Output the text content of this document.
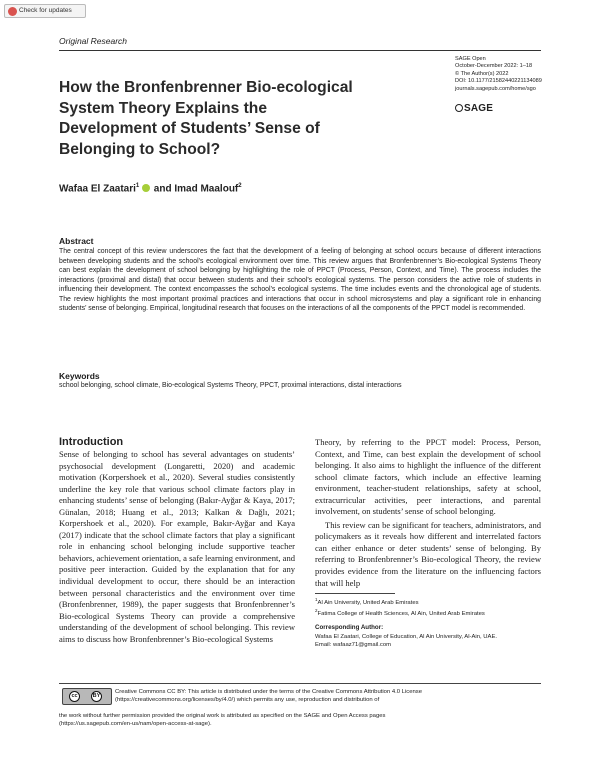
Check for updates
Original Research
SAGE Open
October-December 2022: 1–18
© The Author(s) 2022
DOI: 10.1177/21582440221134089
journals.sagepub.com/home/sgo
SAGE
How the Bronfenbrenner Bio-ecological System Theory Explains the Development of Students’ Sense of Belonging to School?
Wafaa El Zaatari$^1$  and Imad Maalouf$^2$
Abstract
The central concept of this review underscores the fact that the development of a feeling of belonging at school occurs because of different interactions between developing students and the school’s ecological environment over time. This review argues that Bronfenbrenner’s Bio-ecological Systems Theory can best explain the development of school belonging by highlighting the role of PPCT (Process, Person, Context, and Time). The process includes the interactions (proximal and distal) that occur between students and their school’s ecological systems. The person considers the active role of students in influencing their development. The context encompasses the school’s ecological systems. The time includes events and the chronological age of students. The review highlights the most important proximal practices and interactions that occur in school microsystems and play a significant role in enhancing students’ sense of belonging. Empirical, longitudinal research that focuses on the interactions of all the components of the PPCT model is recommended.
Keywords
school belonging, school climate, Bio-ecological Systems Theory, PPCT, proximal interactions, distal interactions
Introduction

Sense of belonging to school has several advantages on students’ psychosocial development (Longaretti, 2020) and academic motivation (Korpershoek et al., 2020). Several studies consistently underline the key role that various school climate factors play in enhancing students’ sense of belonging (Bakır-Ayğar & Kaya, 2017; Günalan, 2018; Huang et al., 2013; Kalkan & Dağlı, 2021; Korpershoek et al., 2020). For example, Bakır-Ayğar and Kaya (2017) indicate that the school climate factors that play a significant role in enhancing school belonging include supportive teacher behaviors, achievement orientation, a safe learning environment, and positive peer interaction. Guided by the explanation that for any individual development to occur, there should be an interaction between personal characteristics and the environment over time (Bronfenbrenner, 1989), the paper suggests that Bronfenbrenner’s Bio-ecological Systems Theory can provide a comprehensive understanding of the development of school belonging. This review aims to discuss how Bronfenbrenner’s Bio-ecological Systems

Theory, by referring to the PPCT model: Process, Person, Context, and Time, can best explain the development of school belonging. It also aims to highlight the influence of the different school climate factors, which include an effective learning environment, teacher-student relationships, safety at school, extracurricular activities, peer interactions, and parental involvement, on students’ sense of school belonging.

This review can be significant for teachers, administrators, and policymakers as it reveals how different and interrelated factors can either enhance or deter students’ sense of belonging. By referring to Bronfenbrenner’s Bio-ecological Theory, the review provides evidence from the literature on the influencing factors that will help

$^1$Al Ain University, United Arab Emirates
$^2$Fatima College of Health Sciences, Al Ain, United Arab Emirates
Corresponding Author:
Wafaa El Zaatari, College of Education, Al Ain University, Al-Ain, UAE.
Email: wafaaz71@gmail.com
cc	BY
Creative Commons CC BY: This article is distributed under the terms of the Creative Commons Attribution 4.0 License
(https://creativecommons.org/licenses/by/4.0/) which permits any use, reproduction and distribution of
the work without further permission provided the original work is attributed as specified on the SAGE and Open Access pages
(https://us.sagepub.com/en-us/nam/open-access-at-sage).
